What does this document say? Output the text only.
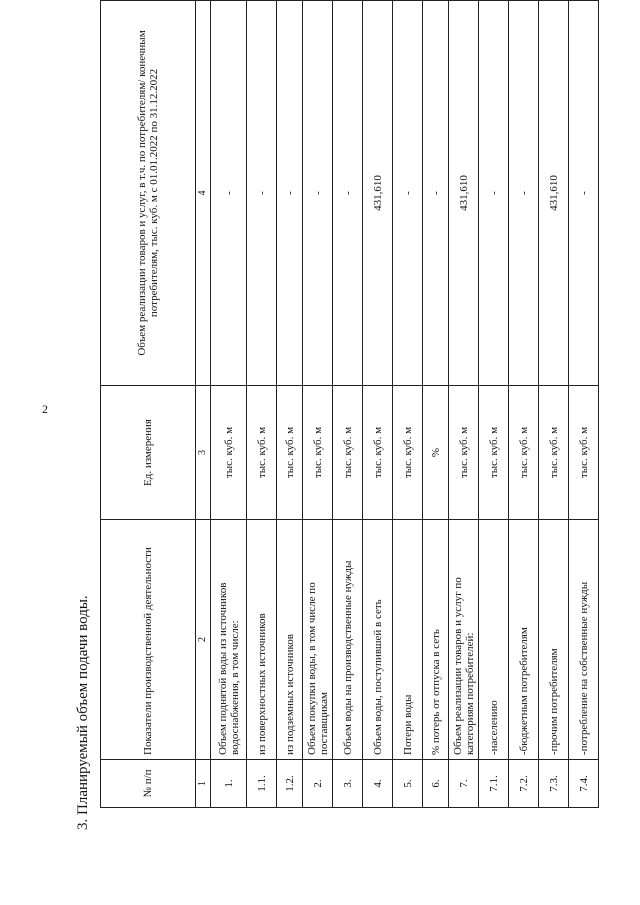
2
3. Планируемый объем подачи воды.	№ п/п	Показатели производственной деятельности	Ед. измерения	Объем реализации товаров и услуг, в т.ч. по потребителям/ конечным потребителям, тыс. куб. м с 01.01.2022 по 31.12.2022
1	2	3	4
1.	Объем поднятой воды из источников водоснабжения, в том числе:	тыс. куб. м	-
1.1.	из поверхностных источников	тыс. куб. м	-
1.2.	из подземных источников	тыс. куб. м	-
2.	Объем покупки воды, в том числе по поставщикам	тыс. куб. м	-
3.	Объем воды на производственные нужды	тыс. куб. м	-
4.	Объем воды, поступившей в сеть	тыс. куб. м	431,610
5.	Потери воды	тыс. куб. м	-
6.	% потерь от отпуска в сеть	%	-
7.	Объем реализации товаров и услуг по категориям потребителей:	тыс. куб. м	431,610
7.1.	-населению	тыс. куб. м	-
7.2.	-бюджетным потребителям	тыс. куб. м	-
7.3.	-прочим потребителям	тыс. куб. м	431,610
7.4.	-потребление на собственные нужды	тыс. куб. м	-
